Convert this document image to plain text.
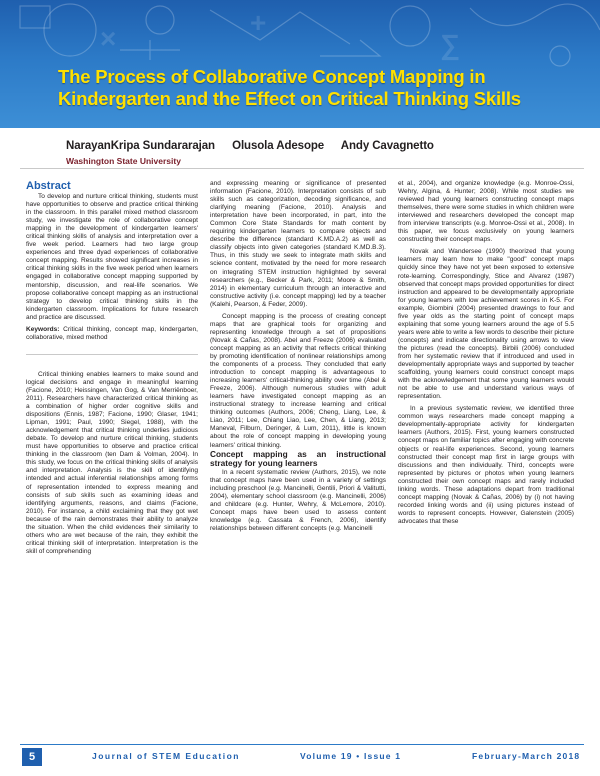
×
+
∑
The Process of Collaborative Concept Mapping in
Kindergarten and the Effect on Critical Thinking Skills
NarayanKripa Sundararajan Olusola Adesope Andy Cavagnetto
Washington State University

Abstract

To develop and nurture critical thinking, students must have opportunities to observe and practice critical thinking in the classroom. In this parallel mixed method classroom study, we investigate the role of collaborative concept mapping in the development of kindergarten learners' critical thinking skills of analysis and interpretation over a five week period. Learners had two large group experiences and three dyad experiences of collaborative concept mapping. Results showed significant increases in critical thinking skills in the five week period when learners engaged in collaborative concept mapping supported by mentorship, discussion, and real-life scenarios. We propose collaborative concept mapping as an instructional strategy to develop critical thinking skills in the kindergarten classroom. Implications for future research and practice are discussed.

Keywords: Critical thinking, concept map, kindergarten, collaborative, mixed method

Critical thinking enables learners to make sound and logical decisions and engage in meaningful learning (Facione, 2010; Heissingen, Van Gog, & Van Merriënboer, 2011). Researchers have characterized critical thinking as a combination of higher order cognitive skills and dispositions (Ennis, 1987; Facione, 1990; Glaser, 1941; Lipman, 1991; Paul, 1990; Siegel, 1988), with the acknowledgement that critical thinking underlies judicious debate. To develop and nurture critical thinking, students must have opportunities to observe and practice critical thinking in the classroom (ten Dam & Volman, 2004). In this study, we focus on the critical thinking skills of analysis and interpretation. Analysis is the skill of identifying intended and actual inferential relationships among forms of representation intended to express meaning and consists of sub skills such as examining ideas and identifying arguments, reasons, and claims (Facione, 2010). For instance, a child exclaiming that they got wet because of the rain demonstrates their ability to analyze the situation. When the child evidences their similarity to others who are wet because of the rain, they exhibit the critical thinking skill of interpretation. Interpretation is the skill of comprehending

and expressing meaning or significance of presented information (Facione, 2010). Interpretation consists of sub skills such as categorization, decoding significance, and clarifying meaning (Facione, 2010). Analysis and interpretation have been incorporated, in part, into the Common Core State Standards for math content by requiring kindergarten learners to compare objects and describe the difference (standard K.MD.A.2) as well as classify objects into given categories (standard K.MD.B.3). Thus, in this study we seek to integrate math skills and science content, motivated by the need for more research on integrating STEM instruction highlighted by several researchers (e.g., Becker & Park, 2011; Moore & Smith, 2014) in elementary curriculum through an interactive and constructive activity (i.e. concept mapping) led by a teacher (Kalehi, Pearson, & Feder, 2009).

Concept mapping is the process of creating concept maps that are graphical tools for organizing and representing knowledge through a set of propositions (Novak & Cañas, 2008). Abel and Freeze (2006) evaluated concept mapping as an activity that reflects critical thinking by promoting identification of nonlinear relationships among the components of a process. They concluded that early introduction to concept mapping is advantageous to increasing learners' critical-thinking ability over time (Abel & Freeze, 2006). Although numerous studies with adult learners have investigated concept mapping as an instructional strategy to increase learning and critical thinking outcomes (Authors, 2006; Cheng, Liang, Lee, & Liao, 2011; Lee, Chiang Liao, Lee, Chen, & Liang, 2013; Maneval, Filburn, Deringer, & Lum, 2011), little is known about the role of concept mapping in developing young learners' critical thinking.

Concept mapping as an instructional strategy for young learners

In a recent systematic review (Authors, 2015), we note that concept maps have been used in a variety of settings including preschool (e.g. Mancinelli, Gentili, Priori & Valitutti, 2004), elementary school classroom (e.g. Mancinelli, 2006) and childcare (e.g. Hunter, Wehry, & McLemore, 2010). Concept maps have been used to assess content knowledge (e.g. Cassata & French, 2006), identify relationships between different concepts (e.g. Mancinelli

et al., 2004), and organize knowledge (e.g. Monroe-Ossi, Wehry, Algina, & Hunter; 2008). While most studies we reviewed had young learners constructing concept maps themselves, there were some studies in which children were interviewed and researchers developed the concept map from interview transcripts (e.g. Monroe-Ossi et al., 2008). In this paper, we focus exclusively on young learners constructing their concept maps.

Novak and Wandersee (1990) theorized that young learners may learn how to make "good" concept maps quickly since they have not yet been exposed to extensive rote-learning. Correspondingly, Stice and Alvarez (1987) observed that concept maps provided opportunities for direct instruction and appeared to be developmentally appropriate for young learners with low achievement scores in K-5. For example, Giombini (2004) presented drawings to four and five year olds as the starting point of concept maps explaining that some young learners around the age of 5.5 years were able to write a few words to describe their picture (concepts) and indicate directionality using arrows to view the pictures (read the concepts). Birbili (2006) concluded from her systematic review that if introduced and used in developmentally appropriate ways and supported by teacher scaffolding, young learners could construct concept maps with the acknowledgement that some young learners would not be able to use and understand various ways of representation.

In a previous systematic review, we identified three common ways researchers made concept mapping a developmentally-appropriate activity for kindergarten learners (Authors, 2015). First, young learners constructed concept maps on familiar topics after engaging with concrete objects or real-life experiences. Second, young learners constructed their concept map first in large groups with discussions and then individually. Third, concepts were represented by pictures or photos when young learners constructed their own concept maps and rarely included linking words. These adaptations depart from traditional concept mapping (Novak & Cañas, 2006) by (i) not having recorded linking words and (ii) using pictures instead of words to represent concepts. However, Galenstein (2005) advocates that these

5	Journal of STEM Education	Volume 19 • Issue 1	February-March 2018
